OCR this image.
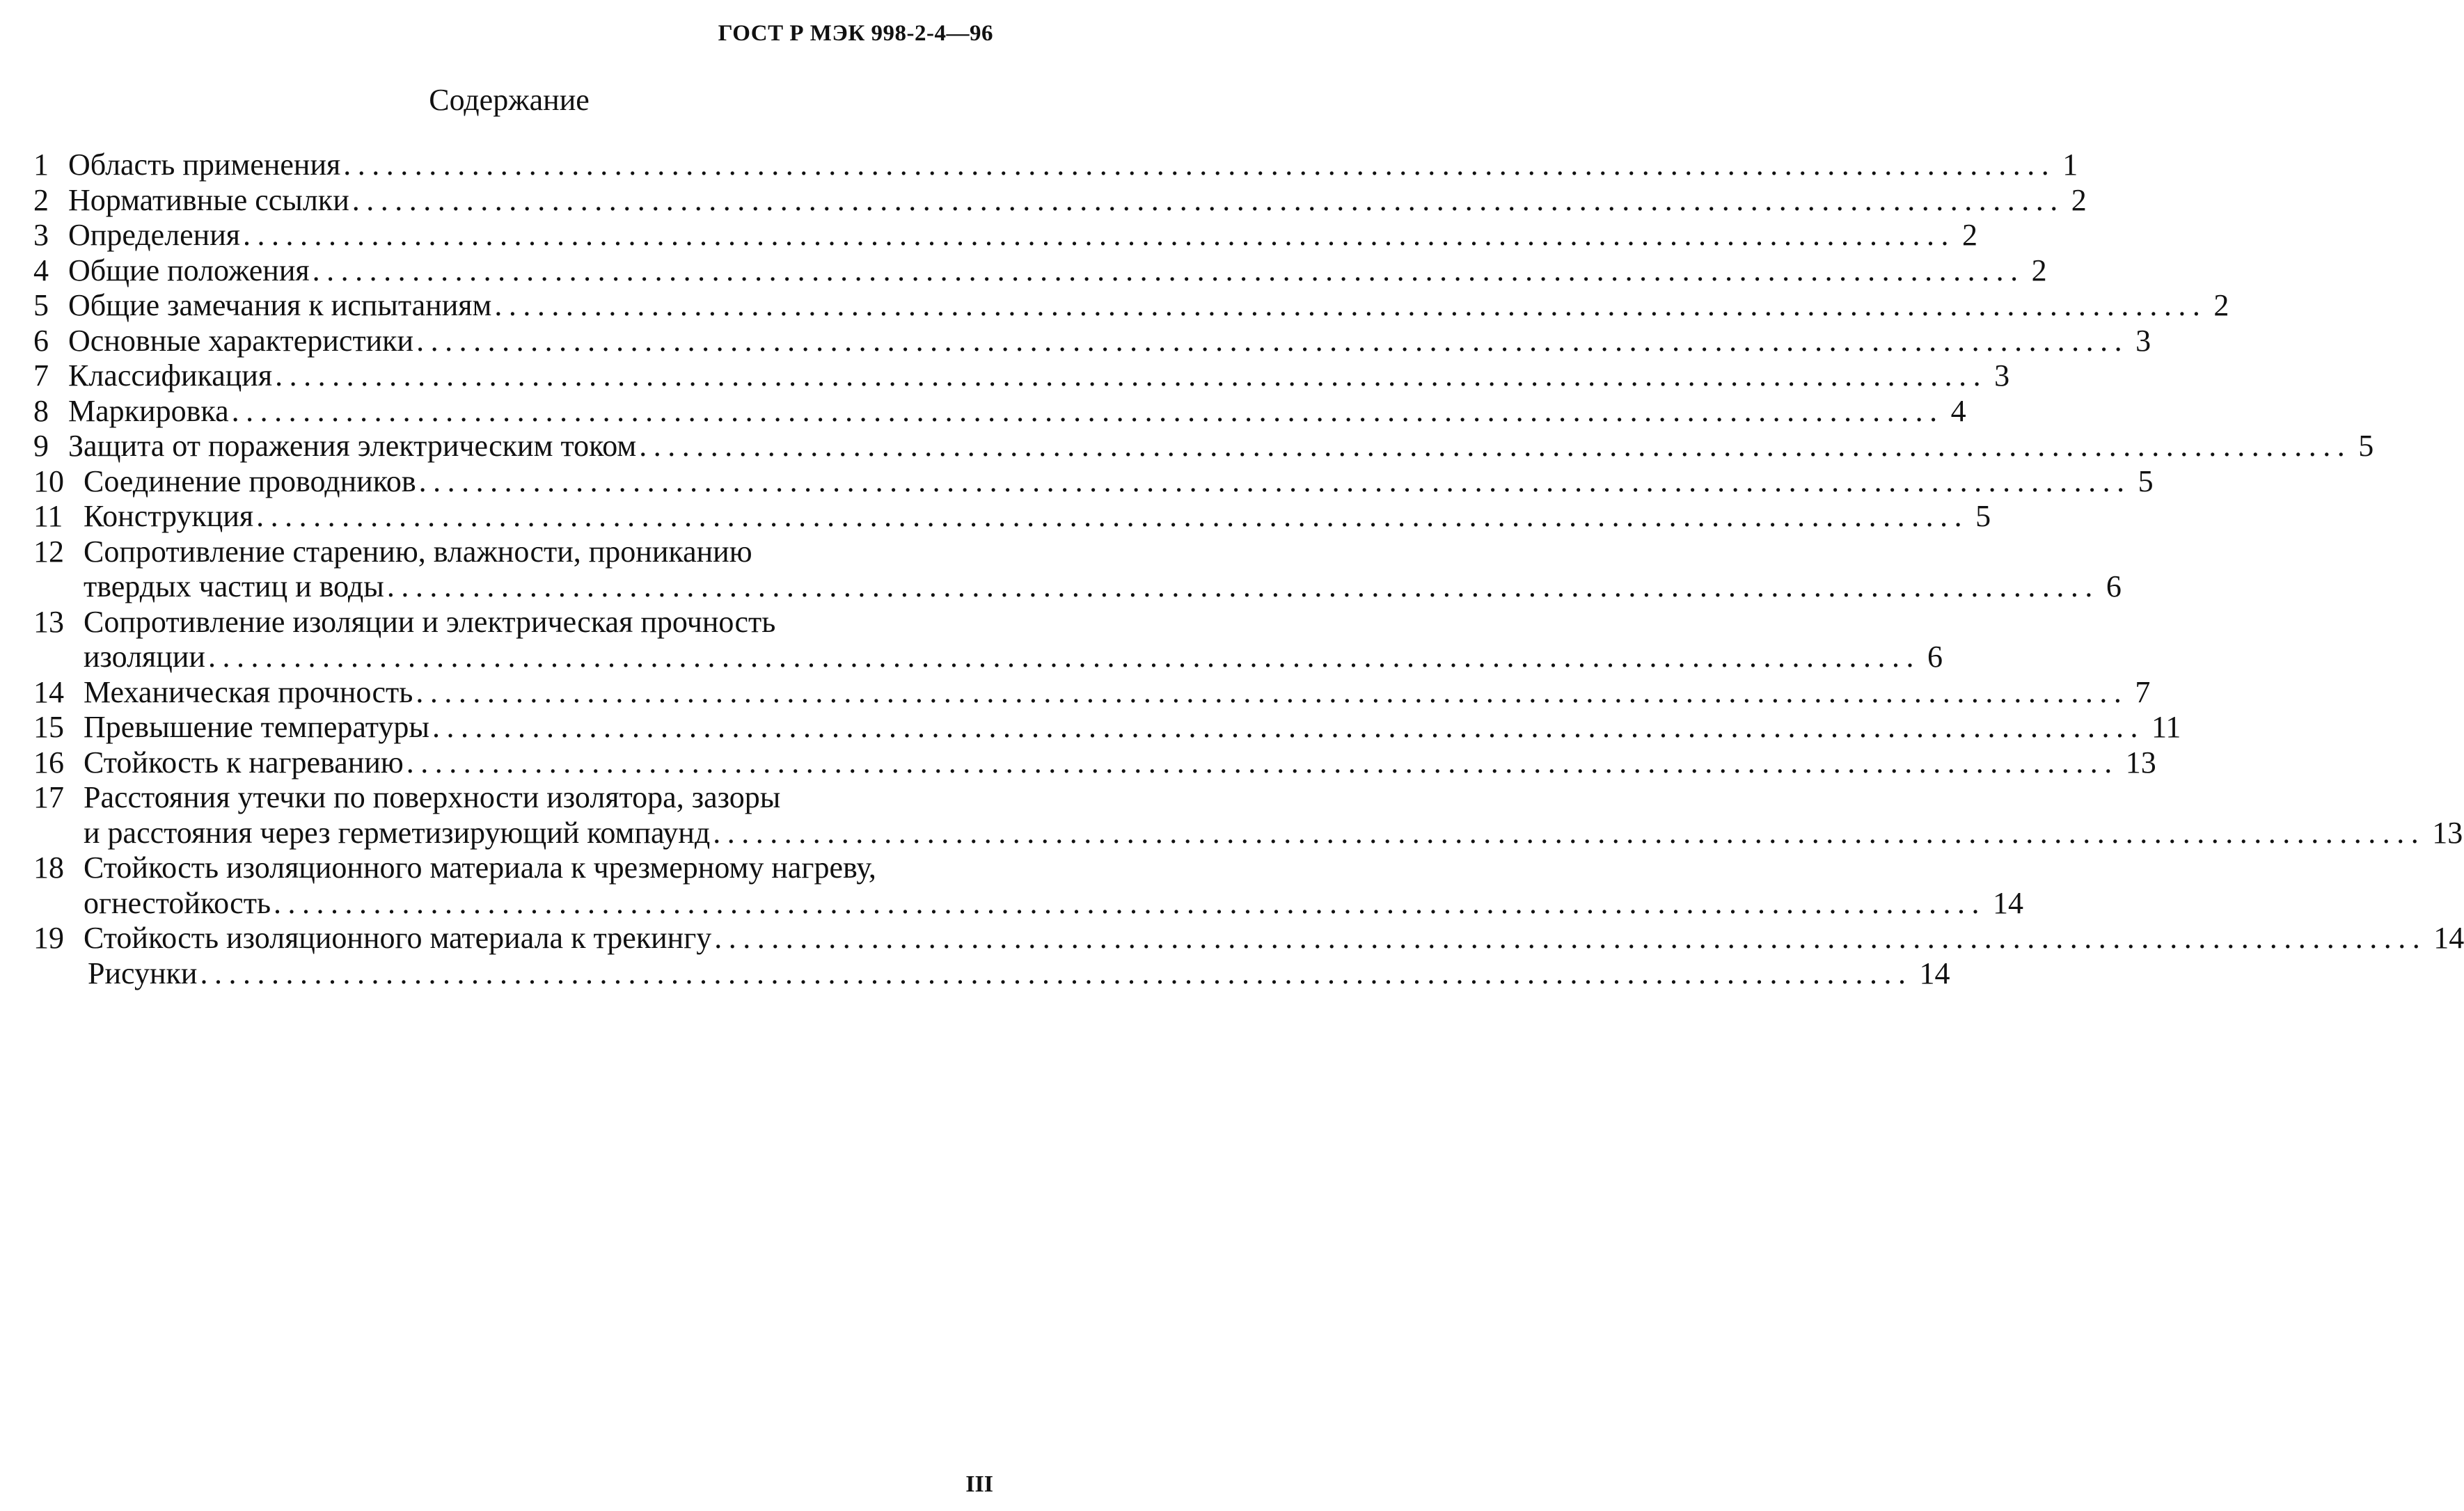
ГОСТ Р МЭК 998-2-4—96
Содержание
1 Область применения ........................................................................................................................ 1
2 Нормативные ссылки ........................................................................................................................ 2
3 Определения ........................................................................................................................ 2
4 Общие положения ........................................................................................................................ 2
5 Общие замечания к испытаниям ........................................................................................................................ 2
6 Основные характеристики ........................................................................................................................ 3
7 Классификация ........................................................................................................................ 3
8 Маркировка ........................................................................................................................ 4
9 Защита от поражения электрическим током ........................................................................................................................ 5
10 Соединение проводников ........................................................................................................................ 5
11 Конструкция ........................................................................................................................ 5
12 Сопротивление старению, влажности, прониканию
твердых частиц и воды ........................................................................................................................ 6
13 Сопротивление изоляции и электрическая прочность
изоляции ........................................................................................................................ 6
14 Механическая прочность ........................................................................................................................ 7
15 Превышение температуры ........................................................................................................................ 11
16 Стойкость к нагреванию ........................................................................................................................ 13
17 Расстояния утечки по поверхности изолятора, зазоры
и расстояния через герметизирующий компаунд ........................................................................................................................ 13
18 Стойкость изоляционного материала к чрезмерному нагреву,
огнестойкость ........................................................................................................................ 14
19 Стойкость изоляционного материала к трекингу ........................................................................................................................ 14
Рисунки ........................................................................................................................ 14
III
